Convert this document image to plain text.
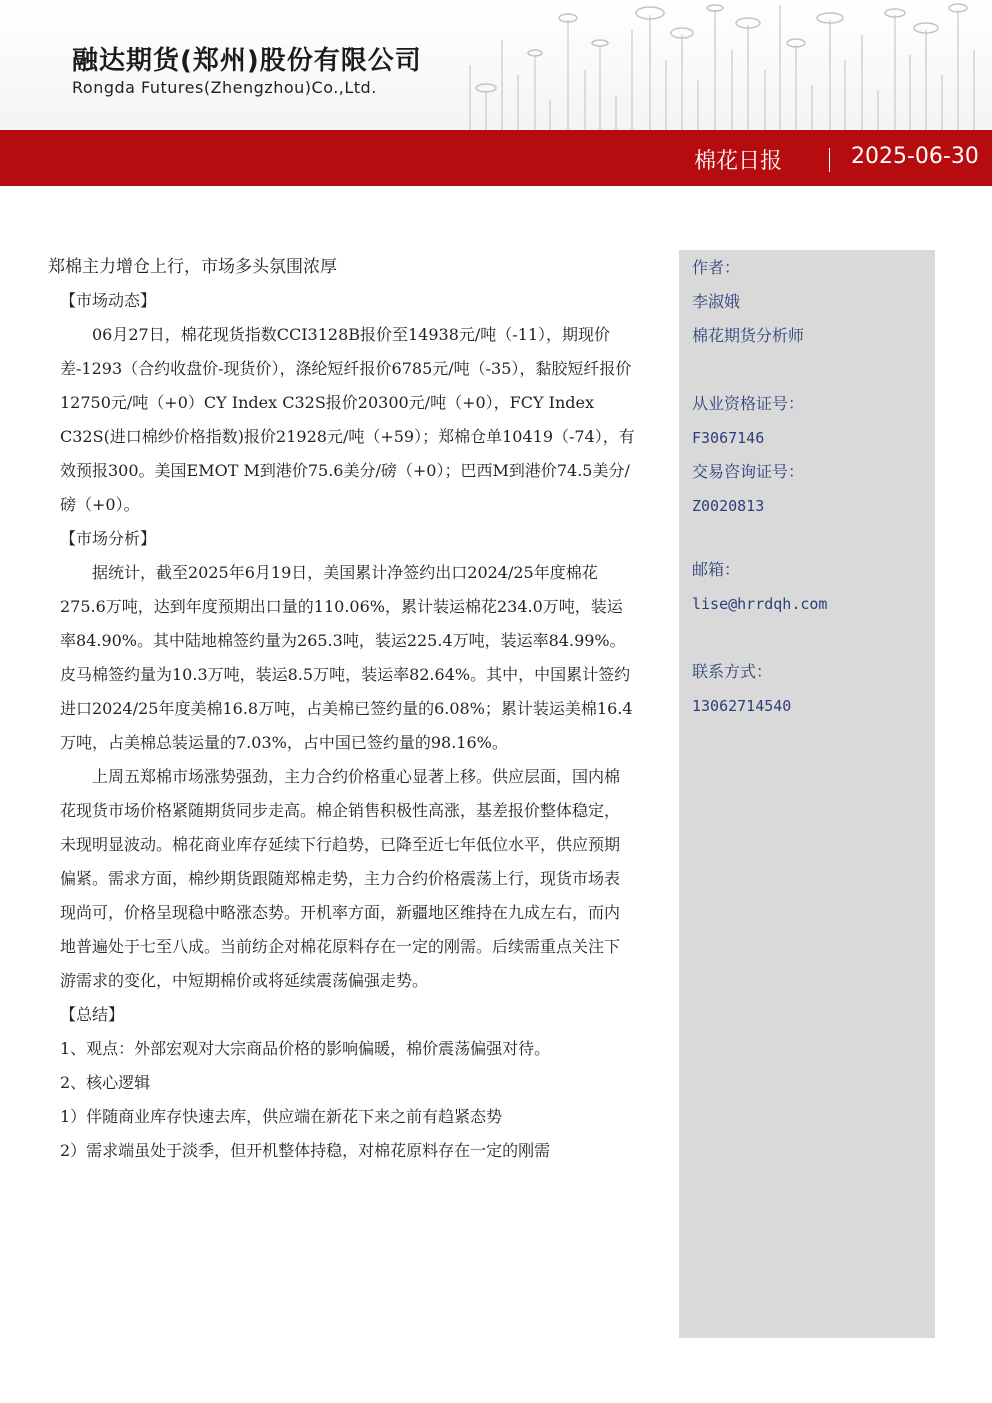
融达期货(郑州)股份有限公司
Rongda Futures(Zhengzhou)Co.,Ltd.
棉花日报	2025-06-30
郑棉主力增仓上行，市场多头氛围浓厚
【市场动态】

06月27日，棉花现货指数CCI3128B报价至14938元/吨（-11），期现价差-1293（合约收盘价-现货价），涤纶短纤报价6785元/吨（-35），黏胶短纤报价12750元/吨（+0）CY Index C32S报价20300元/吨（+0），FCY Index C32S(进口棉纱价格指数)报价21928元/吨（+59）；郑棉仓单10419（-74），有效预报300。美国EMOT M到港价75.6美分/磅（+0）；巴西M到港价74.5美分/磅（+0）。

【市场分析】

据统计，截至2025年6月19日，美国累计净签约出口2024/25年度棉花275.6万吨，达到年度预期出口量的110.06%，累计装运棉花234.0万吨，装运率84.90%。其中陆地棉签约量为265.3吨，装运225.4万吨，装运率84.99%。皮马棉签约量为10.3万吨，装运8.5万吨，装运率82.64%。其中，中国累计签约进口2024/25年度美棉16.8万吨，占美棉已签约量的6.08%；累计装运美棉16.4万吨，占美棉总装运量的7.03%，占中国已签约量的98.16%。

上周五郑棉市场涨势强劲，主力合约价格重心显著上移。供应层面，国内棉花现货市场价格紧随期货同步走高。棉企销售积极性高涨，基差报价整体稳定，未现明显波动。棉花商业库存延续下行趋势，已降至近七年低位水平，供应预期偏紧。需求方面，棉纱期货跟随郑棉走势，主力合约价格震荡上行，现货市场表现尚可，价格呈现稳中略涨态势。开机率方面，新疆地区维持在九成左右，而内地普遍处于七至八成。当前纺企对棉花原料存在一定的刚需。后续需重点关注下游需求的变化，中短期棉价或将延续震荡偏强走势。

【总结】

1、观点：外部宏观对大宗商品价格的影响偏暖，棉价震荡偏强对待。

2、核心逻辑

1）伴随商业库存快速去库，供应端在新花下来之前有趋紧态势

2）需求端虽处于淡季，但开机整体持稳，对棉花原料存在一定的刚需

作者：
李淑娥
棉花期货分析师
从业资格证号：
F3067146
交易咨询证号：
Z0020813
邮箱：
lise@hrrdqh.com
联系方式：
13062714540
